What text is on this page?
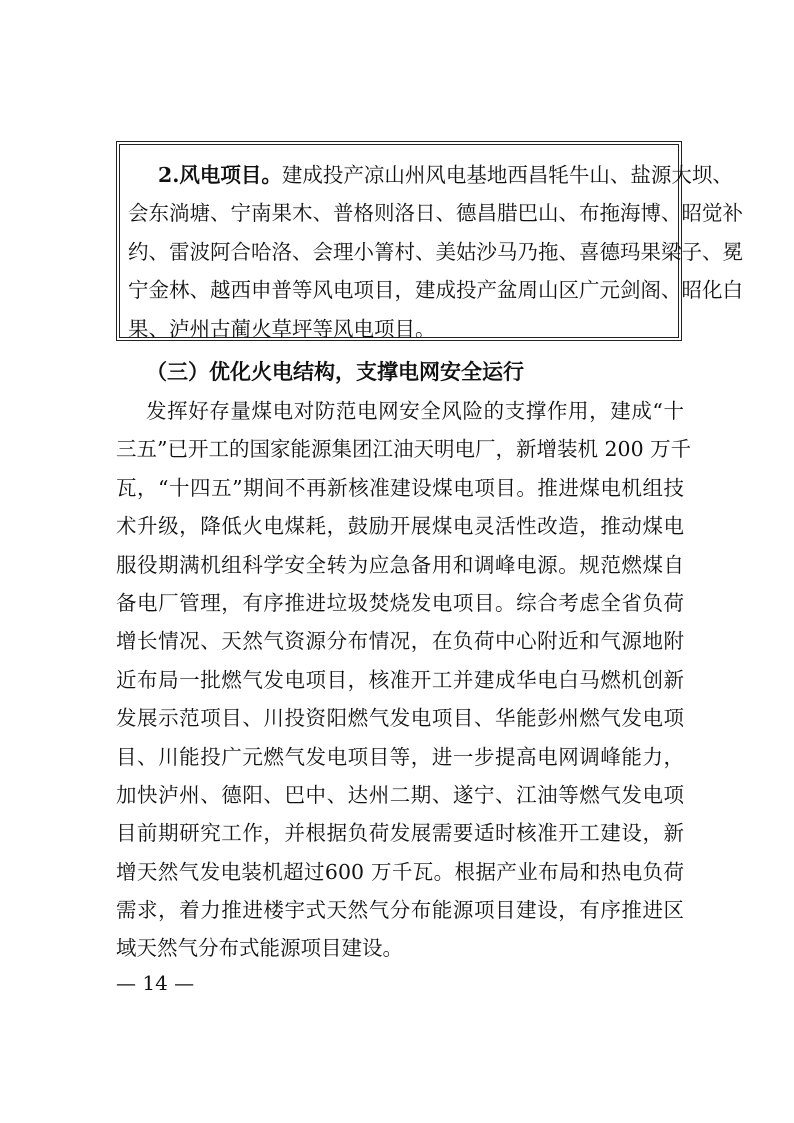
2.风电项目。建成投产凉山州风电基地西昌牦牛山、盐源大坝、
会东淌塘、宁南果木、普格则洛日、德昌腊巴山、布拖海博、昭觉补
约、雷波阿合哈洛、会理小箐村、美姑沙马乃拖、喜德玛果梁子、冕
宁金林、越西申普等风电项目，建成投产盆周山区广元剑阁、昭化白
果、泸州古蔺火草坪等风电项目。
（三）优化火电结构，支撑电网安全运行
发挥好存量煤电对防范电网安全风险的支撑作用，建成“十
三五”已开工的国家能源集团江油天明电厂，新增装机 200 万千
瓦，“十四五”期间不再新核准建设煤电项目。推进煤电机组技
术升级，降低火电煤耗，鼓励开展煤电灵活性改造，推动煤电
服役期满机组科学安全转为应急备用和调峰电源。规范燃煤自
备电厂管理，有序推进垃圾焚烧发电项目。综合考虑全省负荷
增长情况、天然气资源分布情况，在负荷中心附近和气源地附
近布局一批燃气发电项目，核准开工并建成华电白马燃机创新
发展示范项目、川投资阳燃气发电项目、华能彭州燃气发电项
目、川能投广元燃气发电项目等，进一步提高电网调峰能力，
加快泸州、德阳、巴中、达州二期、遂宁、江油等燃气发电项
目前期研究工作，并根据负荷发展需要适时核准开工建设，新
增天然气发电装机超过600 万千瓦。根据产业布局和热电负荷
需求，着力推进楼宇式天然气分布能源项目建设，有序推进区
域天然气分布式能源项目建设。
— 14 —
